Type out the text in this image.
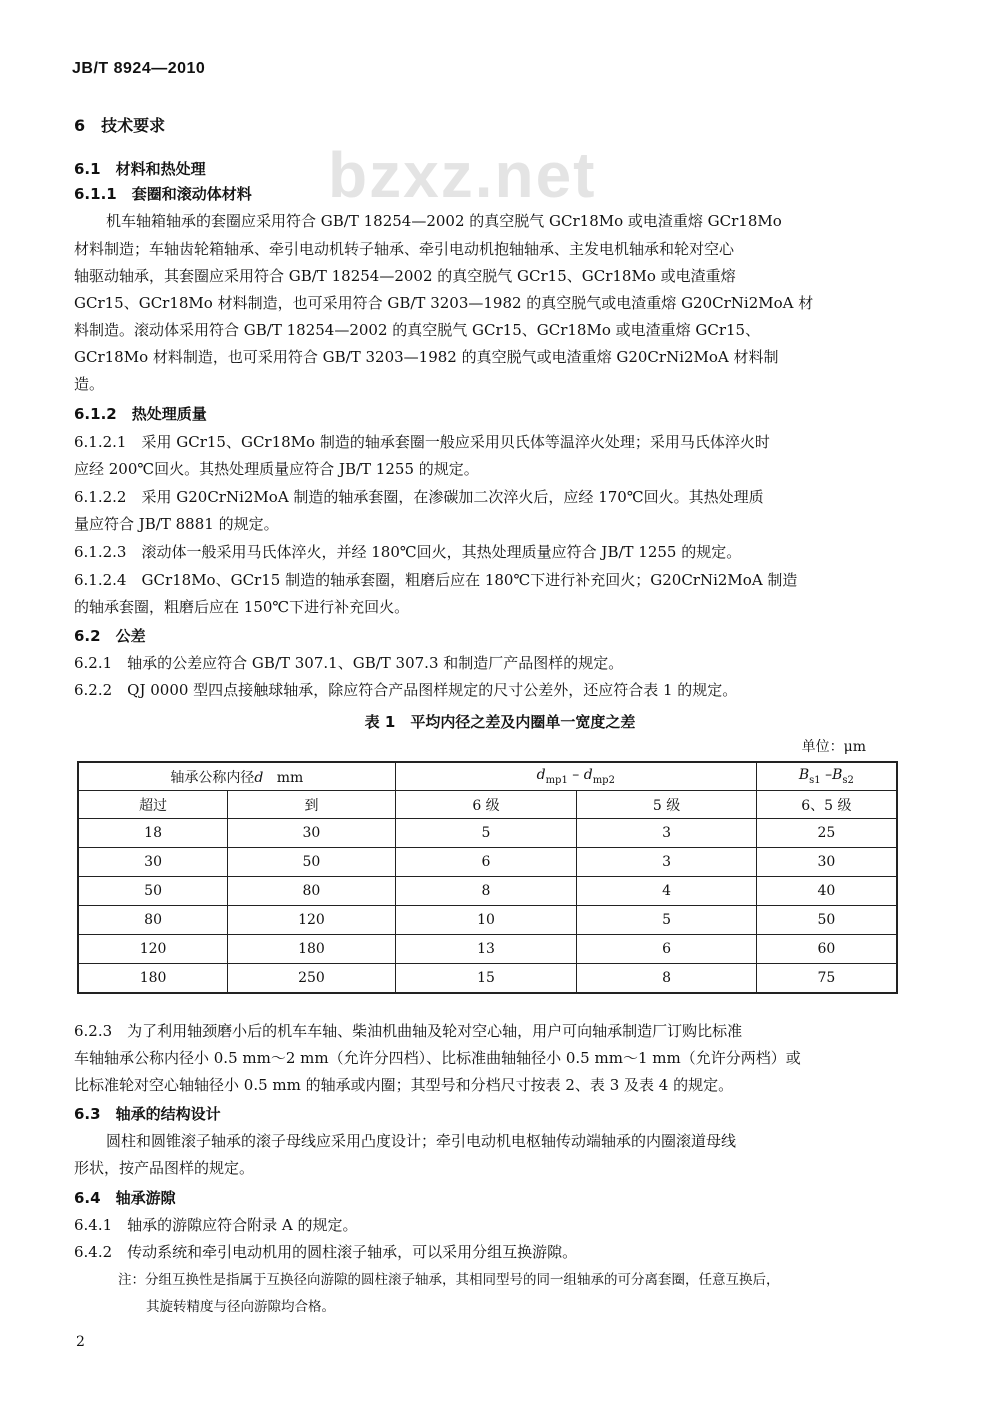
JB/T 8924—2010
bzxz.net
6　技术要求
6.1　材料和热处理
6.1.1　套圈和滚动体材料
机车轴箱轴承的套圈应采用符合 GB/T 18254—2002 的真空脱气 GCr18Mo 或电渣重熔 GCr18Mo
材料制造；车轴齿轮箱轴承、牵引电动机转子轴承、牵引电动机抱轴轴承、主发电机轴承和轮对空心
轴驱动轴承，其套圈应采用符合 GB/T 18254—2002 的真空脱气 GCr15、GCr18Mo 或电渣重熔
GCr15、GCr18Mo 材料制造，也可采用符合 GB/T 3203—1982 的真空脱气或电渣重熔 G20CrNi2MoA 材
料制造。滚动体采用符合 GB/T 18254—2002 的真空脱气 GCr15、GCr18Mo 或电渣重熔 GCr15、
GCr18Mo 材料制造，也可采用符合 GB/T 3203—1982 的真空脱气或电渣重熔 G20CrNi2MoA 材料制
造。
6.1.2　热处理质量
6.1.2.1　采用 GCr15、GCr18Mo 制造的轴承套圈一般应采用贝氏体等温淬火处理；采用马氏体淬火时
应经 200℃回火。其热处理质量应符合 JB/T 1255 的规定。
6.1.2.2　采用 G20CrNi2MoA 制造的轴承套圈，在渗碳加二次淬火后，应经 170℃回火。其热处理质
量应符合 JB/T 8881 的规定。
6.1.2.3　滚动体一般采用马氏体淬火，并经 180℃回火，其热处理质量应符合 JB/T 1255 的规定。
6.1.2.4　GCr18Mo、GCr15 制造的轴承套圈，粗磨后应在 180℃下进行补充回火；G20CrNi2MoA 制造
的轴承套圈，粗磨后应在 150℃下进行补充回火。
6.2　公差
6.2.1　轴承的公差应符合 GB/T 307.1、GB/T 307.3 和制造厂产品图样的规定。
6.2.2　QJ 0000 型四点接触球轴承，除应符合产品图样规定的尺寸公差外，还应符合表 1 的规定。
表 1　平均内径之差及内圈单一宽度之差
单位：μm
轴承公称内径d mm		$d_{mp1} - d_{mp2}$		$B_{s1}$ $-B_{s2}$
超过	到	6 级	5 级	6、5 级
18	30	5	3	25
30	50	6	3	30
50	80	8	4	40
80	120	10	5	50
120	180	13	6	60
180	250	15	8	75
6.2.3　为了利用轴颈磨小后的机车车轴、柴油机曲轴及轮对空心轴，用户可向轴承制造厂订购比标准
车轴轴承公称内径小 0.5 mm～2 mm（允许分四档）、比标准曲轴轴径小 0.5 mm～1 mm（允许分两档）或
比标准轮对空心轴轴径小 0.5 mm 的轴承或内圈；其型号和分档尺寸按表 2、表 3 及表 4 的规定。
6.3　轴承的结构设计
圆柱和圆锥滚子轴承的滚子母线应采用凸度设计；牵引电动机电枢轴传动端轴承的内圈滚道母线
形状，按产品图样的规定。
6.4　轴承游隙
6.4.1　轴承的游隙应符合附录 A 的规定。
6.4.2　传动系统和牵引电动机用的圆柱滚子轴承，可以采用分组互换游隙。
注：分组互换性是指属于互换径向游隙的圆柱滚子轴承，其相同型号的同一组轴承的可分离套圈，任意互换后，
其旋转精度与径向游隙均合格。
2
